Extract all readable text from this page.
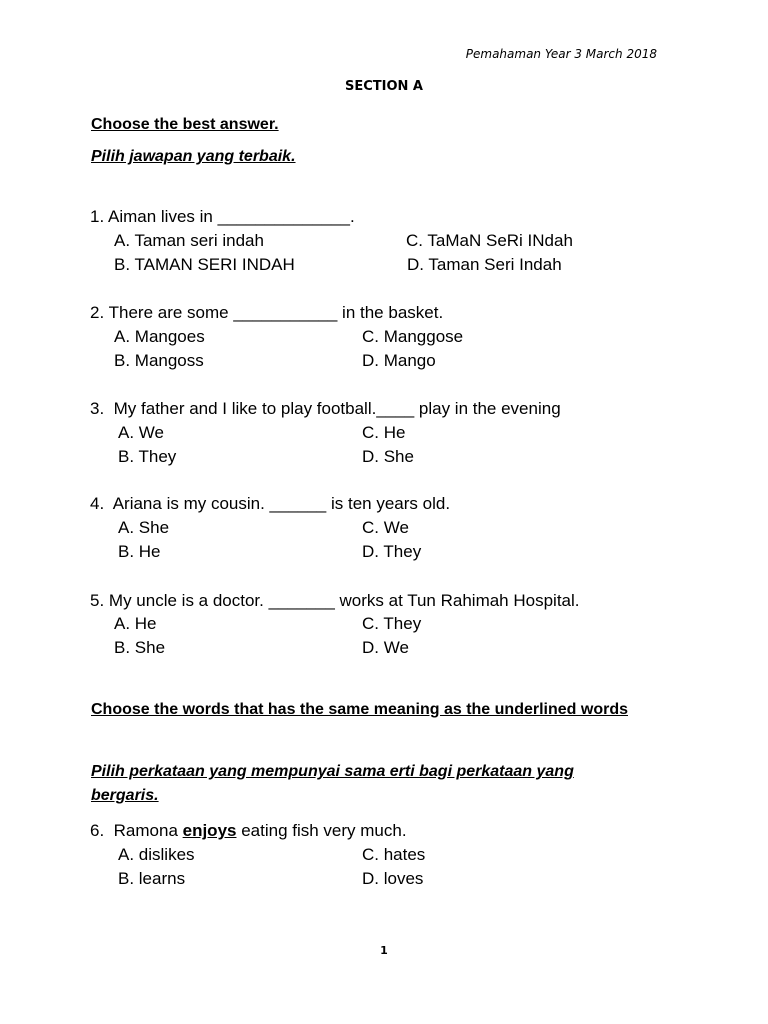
Pemahaman Year 3 March 2018
SECTION A
Choose the best answer.
Pilih jawapan yang terbaik.
1. Aiman lives in ______________.
A. Taman seri indah
B. TAMAN SERI INDAH
C. TaMaN SeRi INdah
D. Taman Seri Indah
2. There are some ___________ in the basket.
A. Mangoes
B. Mangoss
C. Manggose
D. Mango
3. My father and I like to play football.____ play in the evening
A. We
B. They
C. He
D. She
4. Ariana is my cousin. ______ is ten years old.
A. She
B. He
C. We
D. They
5. My uncle is a doctor. _______ works at Tun Rahimah Hospital.
A. He
B. She
C. They
D. We
Choose the words that has the same meaning as the underlined words
Pilih perkataan yang mempunyai sama erti bagi perkataan yang bergaris.
6. Ramona enjoys eating fish very much.
A. dislikes
B. learns
C. hates
D. loves
1
